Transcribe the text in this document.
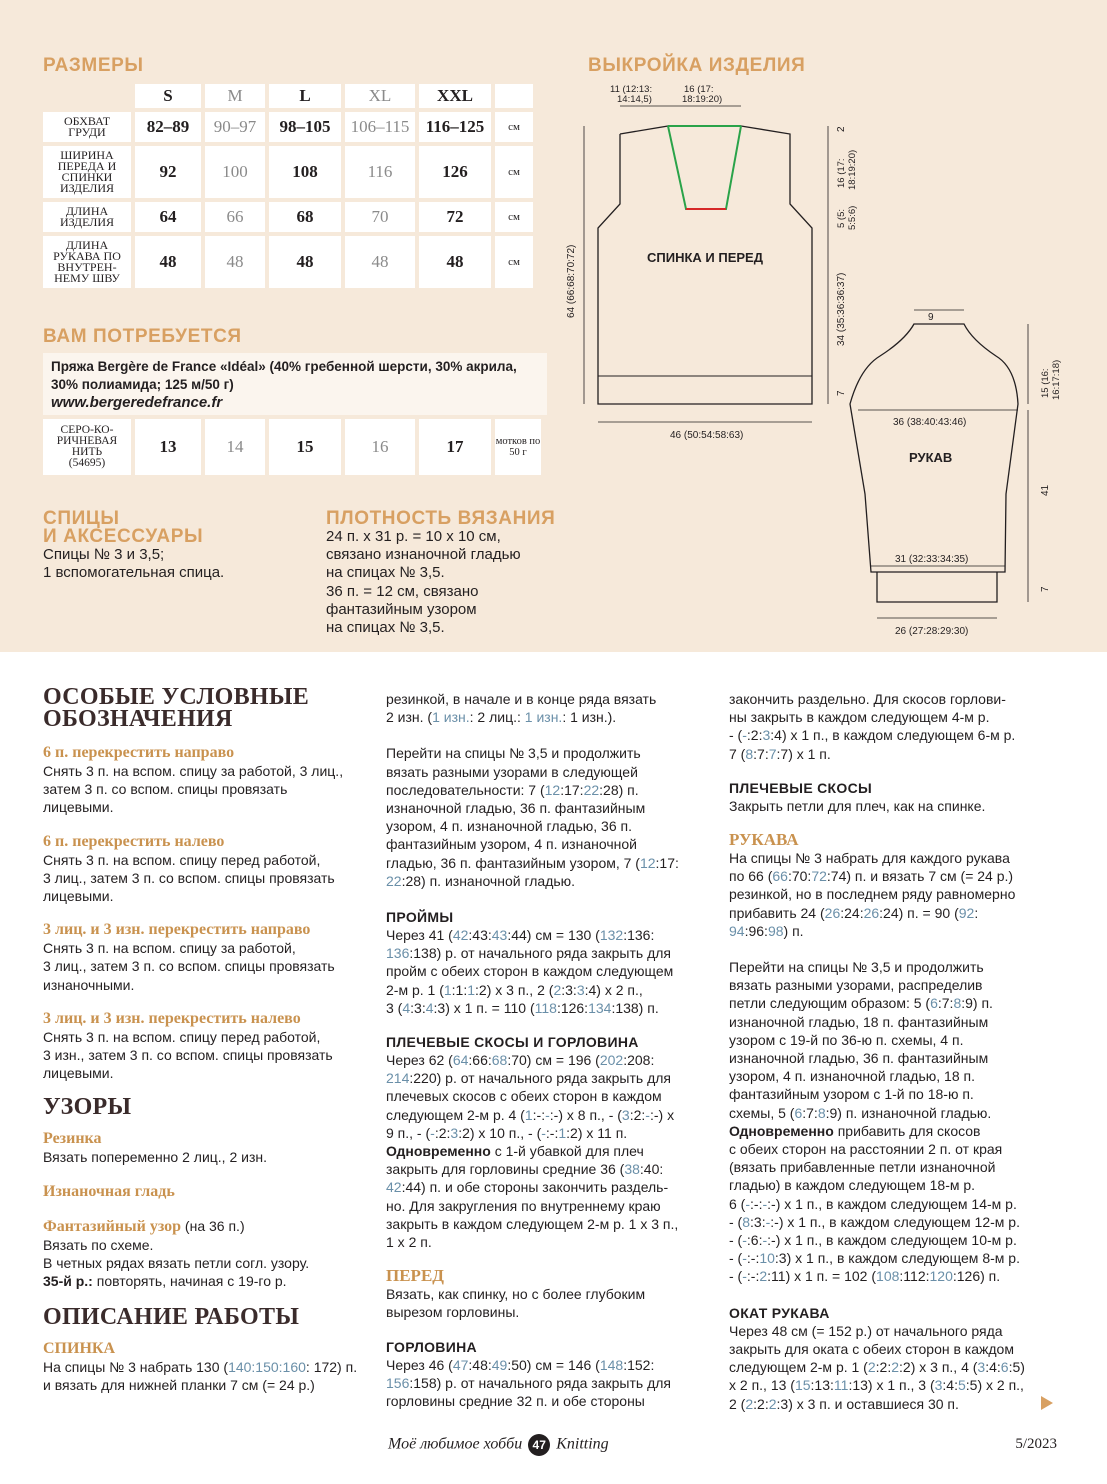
РАЗМЕРЫ
	S	M	L	XL	XXL	
ОБХВАТ ГРУДИ	82–89	90–97	98–105	106–115	116–125	см
ШИРИНА ПЕРЕДА И СПИНКИ ИЗДЕЛИЯ	92	100	108	116	126	см
ДЛИНА ИЗДЕЛИЯ	64	66	68	70	72	см
ДЛИНА РУКАВА ПО ВНУТРЕН- НЕМУ ШВУ	48	48	48	48	48	см
ВАМ ПОТРЕБУЕТСЯ
Пряжа Bergère de France «Idéal» (40% гребенной шерсти, 30% акрила,
30% полиамида; 125 м/50 г)
www.bergeredefrance.fr
СЕРО-КО- РИЧНЕВАЯ НИТЬ
(54695)
	13	14	15	16	17	мотков по 50 г
СПИЦЫ
И АКСЕССУАРЫ
Спицы № 3 и 3,5;
1 вспомогательная спица.
ПЛОТНОСТЬ ВЯЗАНИЯ
24 п. х 31 р. = 10 х 10 см,
связано изнаночной гладью
на спицах № 3,5.
36 п. = 12 см, связано
фантазийным узором
на спицах № 3,5.
ВЫКРОЙКА ИЗДЕЛИЯ
11 (12:13:
14:14,5)
16 (17:
18:19:20)
2
16 (17: 18:19:20)
5 (5: 5:5:6)
34 (35:36:36:37)
7
64 (66:68:70:72)
46 (50:54:58:63)
СПИНКА И ПЕРЕД
9
15 (16: 16:17:18)
36 (38:40:43:46)
РУКАВ
41
31 (32:33:34:35)
7
26 (27:28:29:30)
ОСОБЫЕ УСЛОВНЫЕ
ОБОЗНАЧЕНИЯ
6 п. перекрестить направо
Снять 3 п. на вспом. спицу за работой, 3 лиц.,
затем 3 п. со вспом. спицы провязать
лицевыми.
6 п. перекрестить налево
Снять 3 п. на вспом. спицу перед работой,
3 лиц., затем 3 п. со вспом. спицы провязать
лицевыми.
3 лиц. и 3 изн. перекрестить направо
Снять 3 п. на вспом. спицу за работой,
3 лиц., затем 3 п. со вспом. спицы провязать
изнаночными.
3 лиц. и 3 изн. перекрестить налево
Снять 3 п. на вспом. спицу перед работой,
3 изн., затем 3 п. со вспом. спицы провязать
лицевыми.
УЗОРЫ
Резинка
Вязать попеременно 2 лиц., 2 изн.
Изнаночная гладь
Фантазийный узор (на 36 п.)
Вязать по схеме.
В четных рядах вязать петли согл. узору.
35-й р.: повторять, начиная с 19-го р.
ОПИСАНИЕ РАБОТЫ
СПИНКА
На спицы № 3 набрать 130 (140:150:160: 172) п.
и вязать для нижней планки 7 см (= 24 р.)
резинкой, в начале и в конце ряда вязать
2 изн. (1 изн.: 2 лиц.: 1 изн.: 1 изн.).
Перейти на спицы № 3,5 и продолжить
вязать разными узорами в следующей
последовательности: 7 (12:17:22:28) п.
изнаночной гладью, 36 п. фантазийным
узором, 4 п. изнаночной гладью, 36 п.
фантазийным узором, 4 п. изнаночной
гладью, 36 п. фантазийным узором, 7 (12:17:
22:28) п. изнаночной гладью.
ПРОЙМЫ
Через 41 (42:43:43:44) см = 130 (132:136:
136:138) р. от начального ряда закрыть для
пройм с обеих сторон в каждом следующем
2-м р. 1 (1:1:1:2) х 3 п., 2 (2:3:3:4) х 2 п.,
3 (4:3:4:3) х 1 п. = 110 (118:126:134:138) п.
ПЛЕЧЕВЫЕ СКОСЫ И ГОРЛОВИНА
Через 62 (64:66:68:70) см = 196 (202:208:
214:220) р. от начального ряда закрыть для
плечевых скосов с обеих сторон в каждом
следующем 2-м р. 4 (1:-:-:-) х 8 п., - (3:2:-:-) х
9 п., - (-:2:3:2) х 10 п., - (-:-:1:2) х 11 п.
Одновременно с 1-й убавкой для плеч
закрыть для горловины средние 36 (38:40:
42:44) п. и обе стороны закончить раздель-
но. Для закругления по внутреннему краю
закрыть в каждом следующем 2-м р. 1 х 3 п.,
1 х 2 п.
ПЕРЕД
Вязать, как спинку, но с более глубоким
вырезом горловины.
ГОРЛОВИНА
Через 46 (47:48:49:50) см = 146 (148:152:
156:158) р. от начального ряда закрыть для
горловины средние 32 п. и обе стороны
закончить раздельно. Для скосов горлови-
ны закрыть в каждом следующем 4-м р.
- (-:2:3:4) х 1 п., в каждом следующем 6-м р.
7 (8:7:7:7) х 1 п.
ПЛЕЧЕВЫЕ СКОСЫ
Закрыть петли для плеч, как на спинке.
РУКАВА
На спицы № 3 набрать для каждого рукава
по 66 (66:70:72:74) п. и вязать 7 см (= 24 р.)
резинкой, но в последнем ряду равномерно
прибавить 24 (26:24:26:24) п. = 90 (92:
94:96:98) п.
Перейти на спицы № 3,5 и продолжить
вязать разными узорами, распределив
петли следующим образом: 5 (6:7:8:9) п.
изнаночной гладью, 18 п. фантазийным
узором с 19-й по 36-ю п. схемы, 4 п.
изнаночной гладью, 36 п. фантазийным
узором, 4 п. изнаночной гладью, 18 п.
фантазийным узором с 1-й по 18-ю п.
схемы, 5 (6:7:8:9) п. изнаночной гладью.
Одновременно прибавить для скосов
с обеих сторон на расстоянии 2 п. от края
(вязать прибавленные петли изнаночной
гладью) в каждом следующем 18-м р.
6 (-:-:-:-) х 1 п., в каждом следующем 14-м р.
- (8:3:-:-) х 1 п., в каждом следующем 12-м р.
- (-:6:-:-) х 1 п., в каждом следующем 10-м р.
- (-:-:10:3) х 1 п., в каждом следующем 8-м р.
- (-:-:2:11) х 1 п. = 102 (108:112:120:126) п.
ОКАТ РУКАВА
Через 48 см (= 152 р.) от начального ряда
закрыть для оката с обеих сторон в каждом
следующем 2-м р. 1 (2:2:2:2) х 3 п., 4 (3:4:6:5)
х 2 п., 13 (15:13:11:13) х 1 п., 3 (3:4:5:5) х 2 п.,
2 (2:2:2:3) х 3 п. и оставшиеся 30 п.
Моё любимое хобби 47 Knitting	5/2023
